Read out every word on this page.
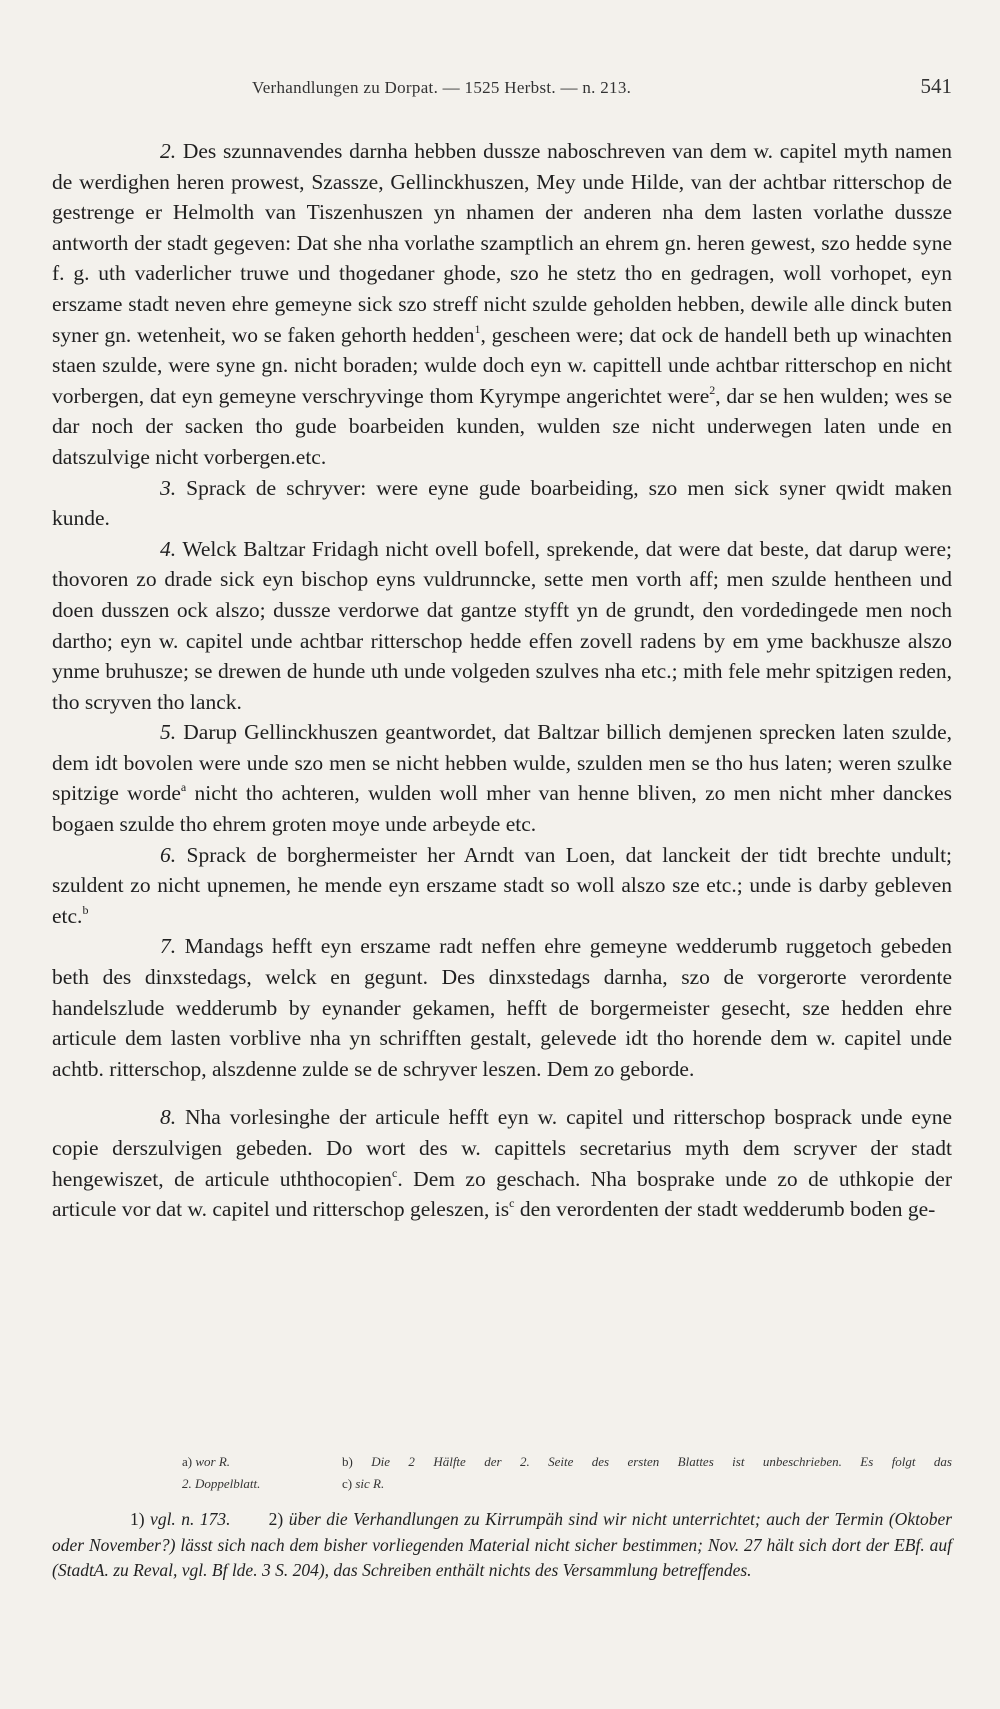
Verhandlungen zu Dorpat. — 1525 Herbst. — n. 213.	541

2. Des szunnavendes darnha hebben dussze naboschreven van dem w. capitel myth namen de werdighen heren prowest, Szassze, Gellinckhuszen, Mey unde Hilde, van der achtbar ritterschop de gestrenge er Helmolth van Tiszenhuszen yn nhamen der anderen nha dem lasten vorlathe dussze antworth der stadt gegeven: Dat she nha vorlathe szamptlich an ehrem gn. heren gewest, szo hedde syne f. g. uth vaderlicher truwe und thogedaner ghode, szo he stetz tho en gedragen, woll vorhopet, eyn erszame stadt neven ehre gemeyne sick szo streff nicht szulde geholden hebben, dewile alle dinck buten syner gn. wetenheit, wo se faken gehorth hedden$^1$, gescheen were; dat ock de handell beth up winachten staen szulde, were syne gn. nicht boraden; wulde doch eyn w. capittell unde achtbar ritterschop en nicht vorbergen, dat eyn gemeyne verschryvinge thom Kyrympe angerichtet were$^2$, dar se hen wulden; wes se dar noch der sacken tho gude boarbeiden kunden, wulden sze nicht underwegen laten unde en datszulvige nicht vorbergen.etc.

3. Sprack de schryver: were eyne gude boarbeiding, szo men sick syner qwidt maken kunde.

4. Welck Baltzar Fridagh nicht ovell bofell, sprekende, dat were dat beste, dat darup were; thovoren zo drade sick eyn bischop eyns vuldrunncke, sette men vorth aff; men szulde hentheen und doen dusszen ock alszo; dussze verdorwe dat gantze styfft yn de grundt, den vordedingede men noch dartho; eyn w. capitel unde achtbar ritterschop hedde effen zovell radens by em yme backhusze alszo ynme bruhusze; se drewen de hunde uth unde volgeden szulves nha etc.; mith fele mehr spitzigen reden, tho scryven tho lanck.

5. Darup Gellinckhuszen geantwordet, dat Baltzar billich demjenen sprecken laten szulde, dem idt bovolen were unde szo men se nicht hebben wulde, szulden men se tho hus laten; weren szulke spitzige worde$^a$ nicht tho achteren, wulden woll mher van henne bliven, zo men nicht mher danckes bogaen szulde tho ehrem groten moye unde arbeyde etc.

6. Sprack de borghermeister her Arndt van Loen, dat lanckeit der tidt brechte undult; szuldent zo nicht upnemen, he mende eyn erszame stadt so woll alszo sze etc.; unde is darby gebleven etc.$^b$

7. Mandags hefft eyn erszame radt neffen ehre gemeyne wedderumb ruggetoch gebeden beth des dinxstedags, welck en gegunt. Des dinxstedags darnha, szo de vorgerorte verordente handelszlude wedderumb by eynander gekamen, hefft de borgermeister gesecht, sze hedden ehre articule dem lasten vorblive nha yn schrifften gestalt, gelevede idt tho horende dem w. capitel unde achtb. ritterschop, alszdenne zulde se de schryver leszen. Dem zo geborde.

8. Nha vorlesinghe der articule hefft eyn w. capitel und ritterschop bosprack unde eyne copie derszulvigen gebeden. Do wort des w. capittels secretarius myth dem scryver der stadt hengewiszet, de articule uththocopien$^c$. Dem zo geschach. Nha bosprake unde zo de uthkopie der articule vor dat w. capitel und ritterschop geleszen, $is^c$ den verordenten der stadt wedderumb boden ge-

a) wor R.	b) Die 2 Hälfte der 2. Seite des ersten Blattes ist unbeschrieben. Es folgt das
2. Doppelblatt.	c) sic R.

1) vgl. n. 173. 2) über die Verhandlungen zu Kirrumpäh sind wir nicht unterrichtet; auch der Termin (Oktober oder November?) lässt sich nach dem bisher vorliegenden Material nicht sicher bestimmen; Nov. 27 hält sich dort der EBf. auf (StadtA. zu Reval, vgl. Bf lde. 3 S. 204), das Schreiben enthält nichts des Versammlung betreffendes.
